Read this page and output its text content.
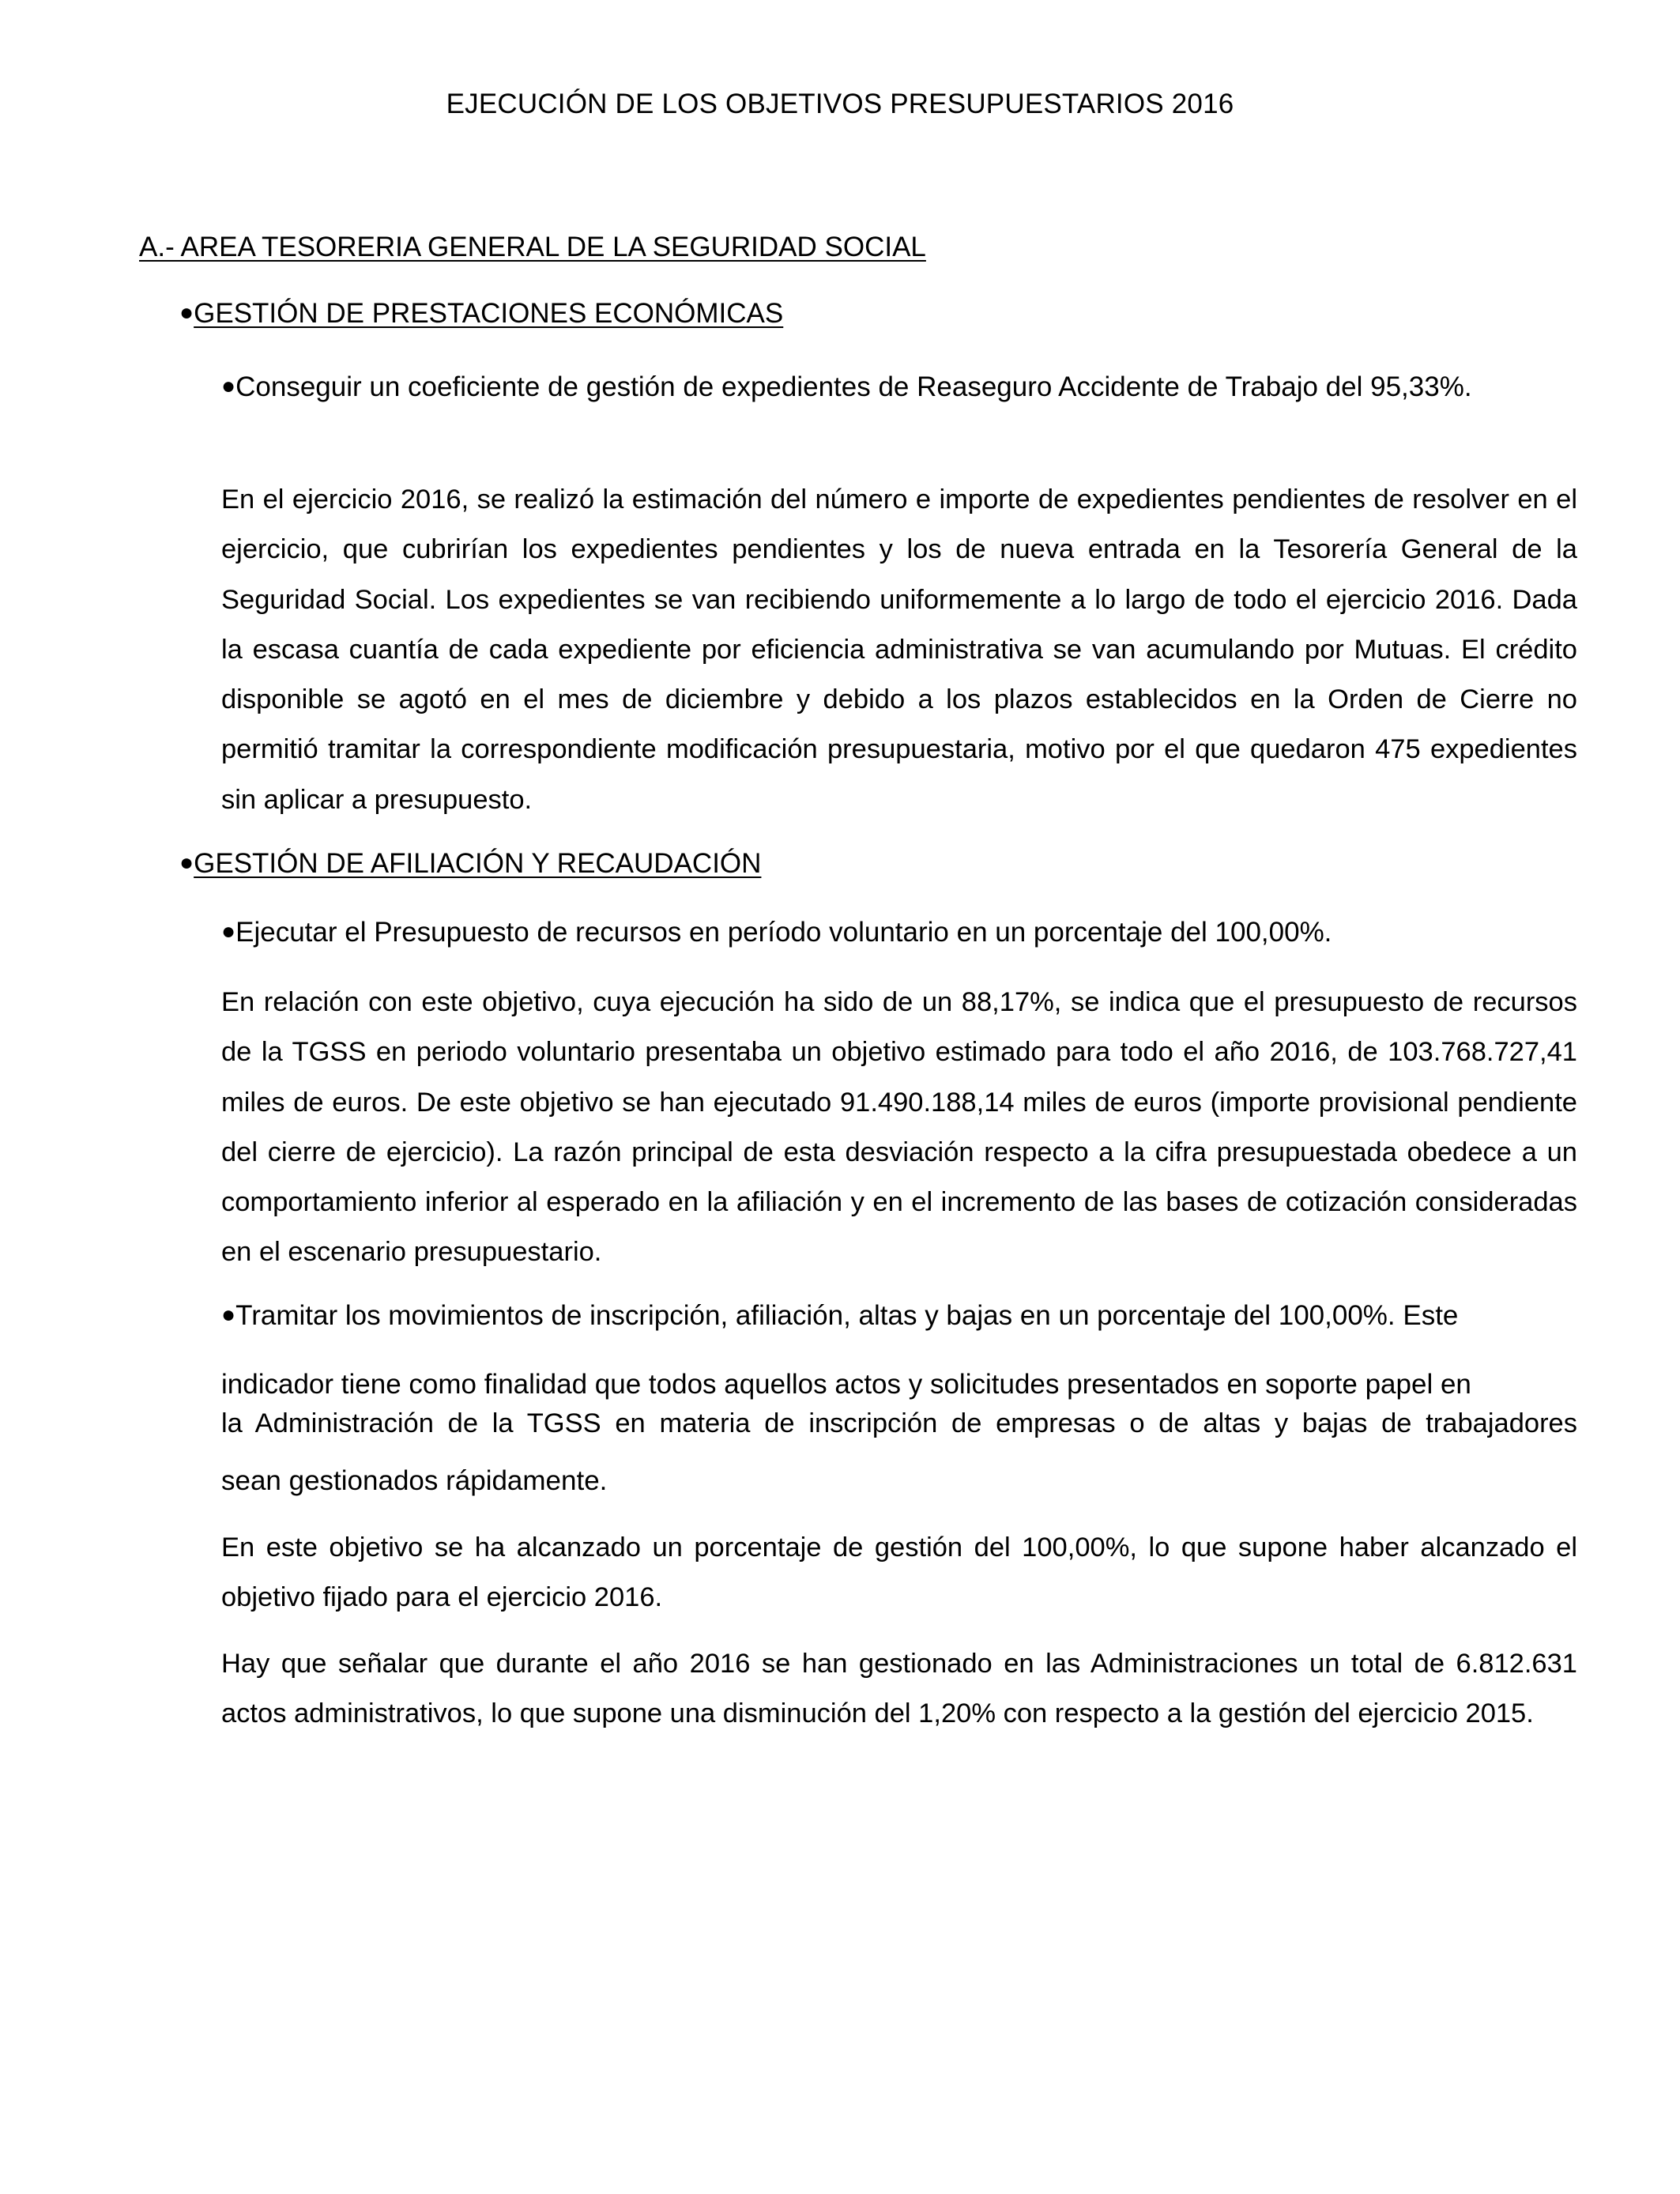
EJECUCIÓN DE LOS OBJETIVOS PRESUPUESTARIOS 2016
A.- AREA TESORERIA GENERAL DE LA SEGURIDAD SOCIAL
●GESTIÓN DE PRESTACIONES ECONÓMICAS
●Conseguir un coeficiente de gestión de expedientes de Reaseguro Accidente de Trabajo del 95,33%.
En el ejercicio 2016, se realizó la estimación del número e importe de expedientes pendientes de resolver en el ejercicio, que cubrirían los expedientes pendientes y los de nueva entrada en la Tesorería General de la Seguridad Social. Los expedientes se van recibiendo uniformemente a lo largo de todo el ejercicio 2016. Dada la escasa cuantía de cada expediente por eficiencia administrativa se van acumulando por Mutuas. El crédito disponible se agotó en el mes de diciembre y debido a los plazos establecidos en la Orden de Cierre no permitió tramitar la correspondiente modificación presupuestaria, motivo por el que quedaron 475 expedientes sin aplicar a presupuesto.
●GESTIÓN DE AFILIACIÓN Y RECAUDACIÓN
●Ejecutar el Presupuesto de recursos en período voluntario en un porcentaje del 100,00%.
En relación con este objetivo, cuya ejecución ha sido de un 88,17%, se indica que el presupuesto de recursos de la TGSS en periodo voluntario presentaba un objetivo estimado para todo el año 2016, de 103.768.727,41 miles de euros. De este objetivo se han ejecutado 91.490.188,14 miles de euros (importe provisional pendiente del cierre de ejercicio). La razón principal de esta desviación respecto a la cifra presupuestada obedece a un comportamiento inferior al esperado en la afiliación y en el incremento de las bases de cotización consideradas en el escenario presupuestario.
●Tramitar los movimientos de inscripción, afiliación, altas y bajas en un porcentaje del 100,00%. Este
indicador tiene como finalidad que todos aquellos actos y solicitudes presentados en soporte papel en
la Administración de la TGSS en materia de inscripción de empresas o de altas y bajas de trabajadores
sean gestionados rápidamente.
En este objetivo se ha alcanzado un porcentaje de gestión del 100,00%, lo que supone haber alcanzado el objetivo fijado para el ejercicio 2016.
Hay que señalar que durante el año 2016 se han gestionado en las Administraciones un total de 6.812.631 actos administrativos, lo que supone una disminución del 1,20% con respecto a la gestión del ejercicio 2015.
